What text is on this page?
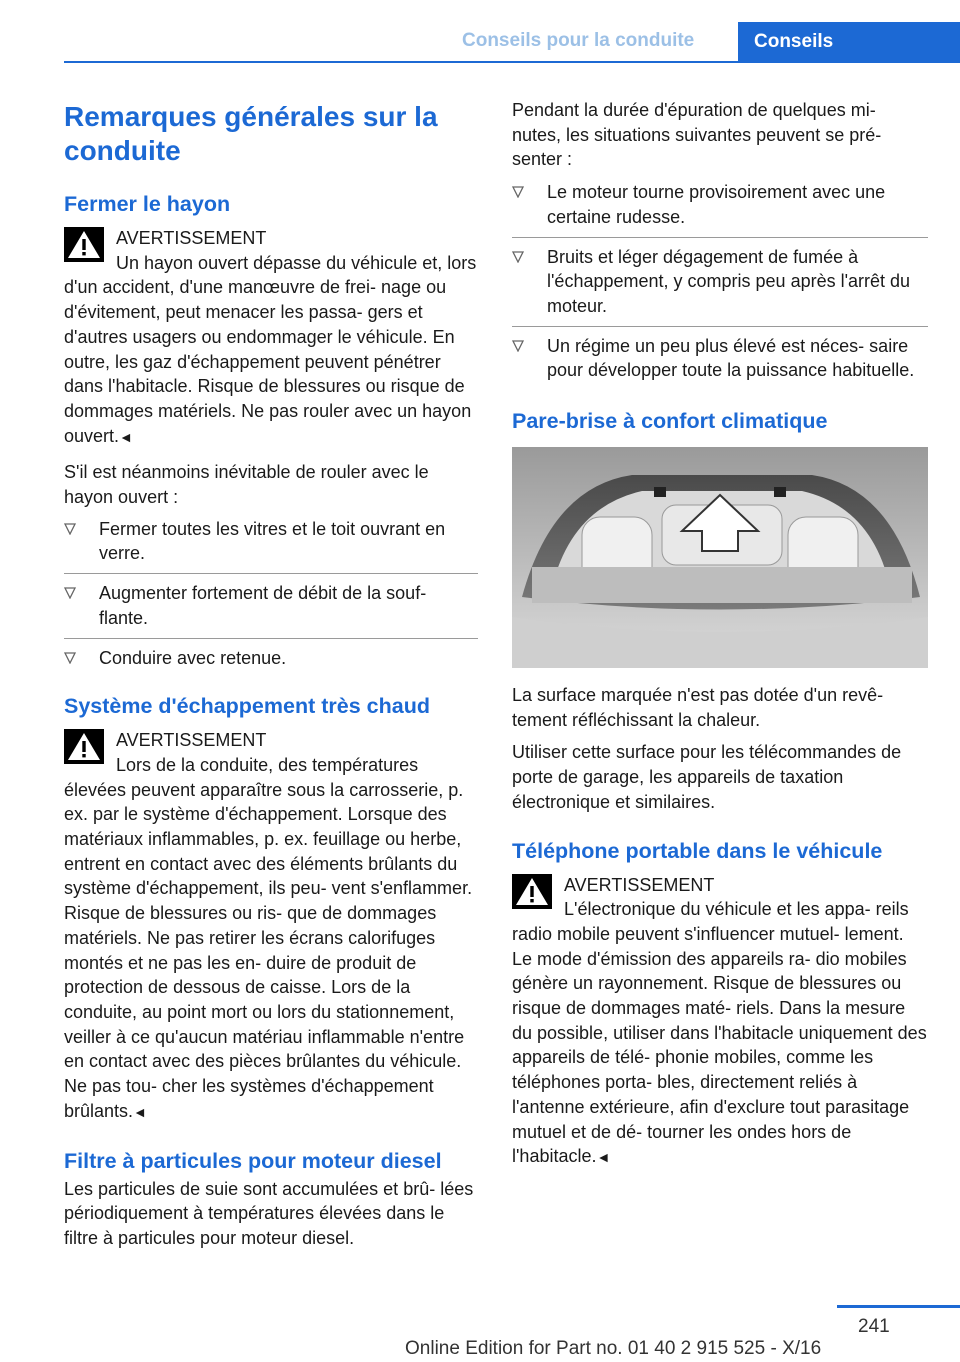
Conseils pour la conduite	Conseils
Remarques générales sur la conduite
Fermer le hayon
AVERTISSEMENT

Un hayon ouvert dépasse du véhicule et, lors d'un accident, d'une manœuvre de frei‐ nage ou d'évitement, peut menacer les passa‐ gers et d'autres usagers ou endommager le véhicule. En outre, les gaz d'échappement peuvent pénétrer dans l'habitacle. Risque de blessures ou risque de dommages matériels. Ne pas rouler avec un hayon ouvert.◄

S'il est néanmoins inévitable de rouler avec le hayon ouvert :

Fermer toutes les vitres et le toit ouvrant en verre.
Augmenter fortement de débit de la souf‐ flante.
Conduire avec retenue.
Système d'échappement très chaud
AVERTISSEMENT

Lors de la conduite, des températures élevées peuvent apparaître sous la carrosserie, p. ex. par le système d'échappement. Lorsque des matériaux inflammables, p. ex. feuillage ou herbe, entrent en contact avec des éléments brûlants du système d'échappement, ils peu‐ vent s'enflammer. Risque de blessures ou ris‐ que de dommages matériels. Ne pas retirer les écrans calorifuges montés et ne pas les en‐ duire de produit de protection de dessous de caisse. Lors de la conduite, au point mort ou lors du stationnement, veiller à ce qu'aucun matériau inflammable n'entre en contact avec des pièces brûlantes du véhicule. Ne pas tou‐ cher les systèmes d'échappement brûlants.◄

Filtre à particules pour moteur diesel

Les particules de suie sont accumulées et brû‐ lées périodiquement à températures élevées dans le filtre à particules pour moteur diesel.

Pendant la durée d'épuration de quelques mi‐ nutes, les situations suivantes peuvent se pré‐ senter :

Le moteur tourne provisoirement avec une certaine rudesse.
Bruits et léger dégagement de fumée à l'échappement, y compris peu après l'arrêt du moteur.
Un régime un peu plus élevé est néces‐ saire pour développer toute la puissance habituelle.
Pare-brise à confort climatique

La surface marquée n'est pas dotée d'un revê‐ tement réfléchissant la chaleur.

Utiliser cette surface pour les télécommandes de porte de garage, les appareils de taxation électronique et similaires.

Téléphone portable dans le véhicule
AVERTISSEMENT

L'électronique du véhicule et les appa‐ reils radio mobile peuvent s'influencer mutuel‐ lement. Le mode d'émission des appareils ra‐ dio mobiles génère un rayonnement. Risque de blessures ou risque de dommages maté‐ riels. Dans la mesure du possible, utiliser dans l'habitacle uniquement des appareils de télé‐ phonie mobiles, comme les téléphones porta‐ bles, directement reliés à l'antenne extérieure, afin d'exclure tout parasitage mutuel et de dé‐ tourner les ondes hors de l'habitacle.◄

241
Online Edition for Part no. 01 40 2 915 525 - X/16
